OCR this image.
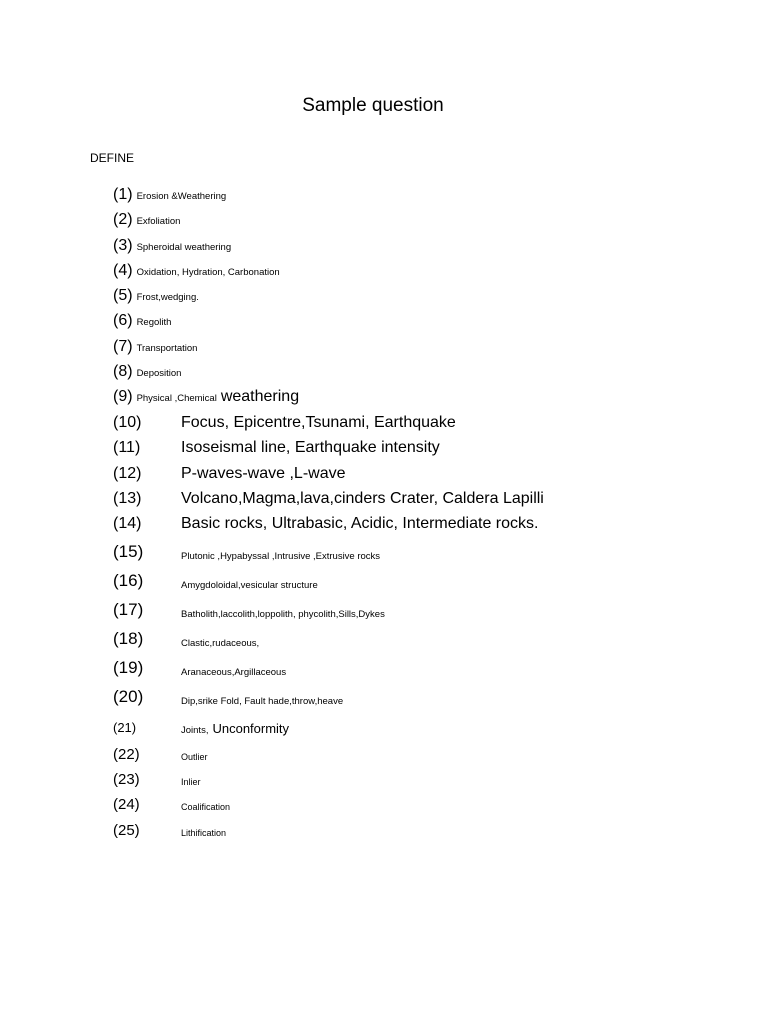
Sample question
DEFINE
(1) Erosion &Weathering
(2) Exfoliation
(3) Spheroidal weathering
(4) Oxidation, Hydration, Carbonation
(5) Frost,wedging.
(6) Regolith
(7) Transportation
(8) Deposition
(9) Physical ,Chemical weathering
(10) Focus, Epicentre,Tsunami, Earthquake
(11)	Isoseismal line, Earthquake intensity
(12) P-waves-wave ,L-wave
(13) Volcano,Magma,lava,cinders Crater, Caldera Lapilli
(14) Basic rocks, Ultrabasic, Acidic, Intermediate rocks.
(15)	Plutonic ,Hypabyssal ,Intrusive ,Extrusive rocks
(16)	Amygdoloidal,vesicular structure
(17)	Batholith,laccolith,loppolith, phycolith,Sills,Dykes
(18)	Clastic,rudaceous,
(19)	Aranaceous,Argillaceous
(20)	Dip,srike Fold, Fault hade,throw,heave
(21)	Joints, Unconformity
(22)	Outlier
(23)	Inlier
(24)	Coalification
(25)	Lithification
